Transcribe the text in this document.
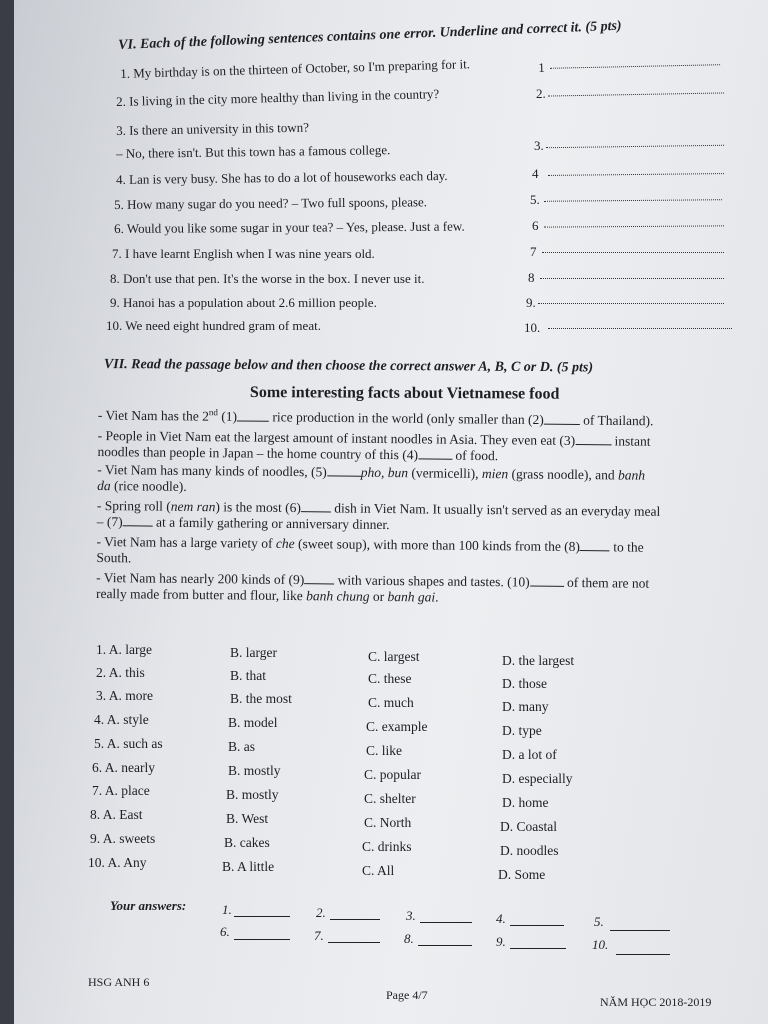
VI. Each of the following sentences contains one error. Underline and correct it. (5 pts)
1. My birthday is on the thirteen of October, so I'm preparing for it.	1
2. Is living in the city more healthy than living in the country?	2.
3. Is there an university in this town?
– No, there isn't. But this town has a famous college.	3.
4. Lan is very busy. She has to do a lot of houseworks each day.	4
5. How many sugar do you need? – Two full spoons, please.	5.
6. Would you like some sugar in your tea? – Yes, please. Just a few.	6
7. I have learnt English when I was nine years old.	7
8. Don't use that pen. It's the worse in the box. I never use it.	8
9. Hanoi has a population about 2.6 million people.	9.
10. We need eight hundred gram of meat.	10.
VII. Read the passage below and then choose the correct answer A, B, C or D. (5 pts)
Some interesting facts about Vietnamese food

- Viet Nam has the 2nd (1) rice production in the world (only smaller than (2)	of Thailand).

- People in Viet Nam eat the largest amount of instant noodles in Asia. They even eat (3)	instant
noodles than people in Japan – the home country of this (4)	of food.

- Viet Nam has many kinds of noodles, (5)	pho, bun (vermicelli), mien (grass noodle), and banh
da (rice noodle).

- Spring roll (nem ran) is the most (6) dish in Viet Nam. It usually isn't served as an everyday meal
– (7) at a family gathering or anniversary dinner.

- Viet Nam has a large variety of che (sweet soup), with more than 100 kinds from the (8) to the
South.

- Viet Nam has nearly 200 kinds of (9) with various shapes and tastes. (10)	of them are not
really made from butter and flour, like banh chung or banh gai.

1. A. large	B. larger	C. largest	D. the largest
2. A. this	B. that	C. these	D. those
3. A. more	B. the most	C. much	D. many
4. A. style	B. model	C. example	D. type
5. A. such as	B. as	C. like	D. a lot of
6. A. nearly	B. mostly	C. popular	D. especially
7. A. place	B. mostly	C. shelter	D. home
8. A. East	B. West	C. North	D. Coastal
9. A. sweets	B. cakes	C. drinks	D. noodles
10. A. Any	B. A little	C. All	D. Some
Your answers:	1.	2.	3.	4.	5.
6.	7.	8.	9.	10.
HSG ANH 6
Page 4/7	NĂM HỌC 2018-2019
